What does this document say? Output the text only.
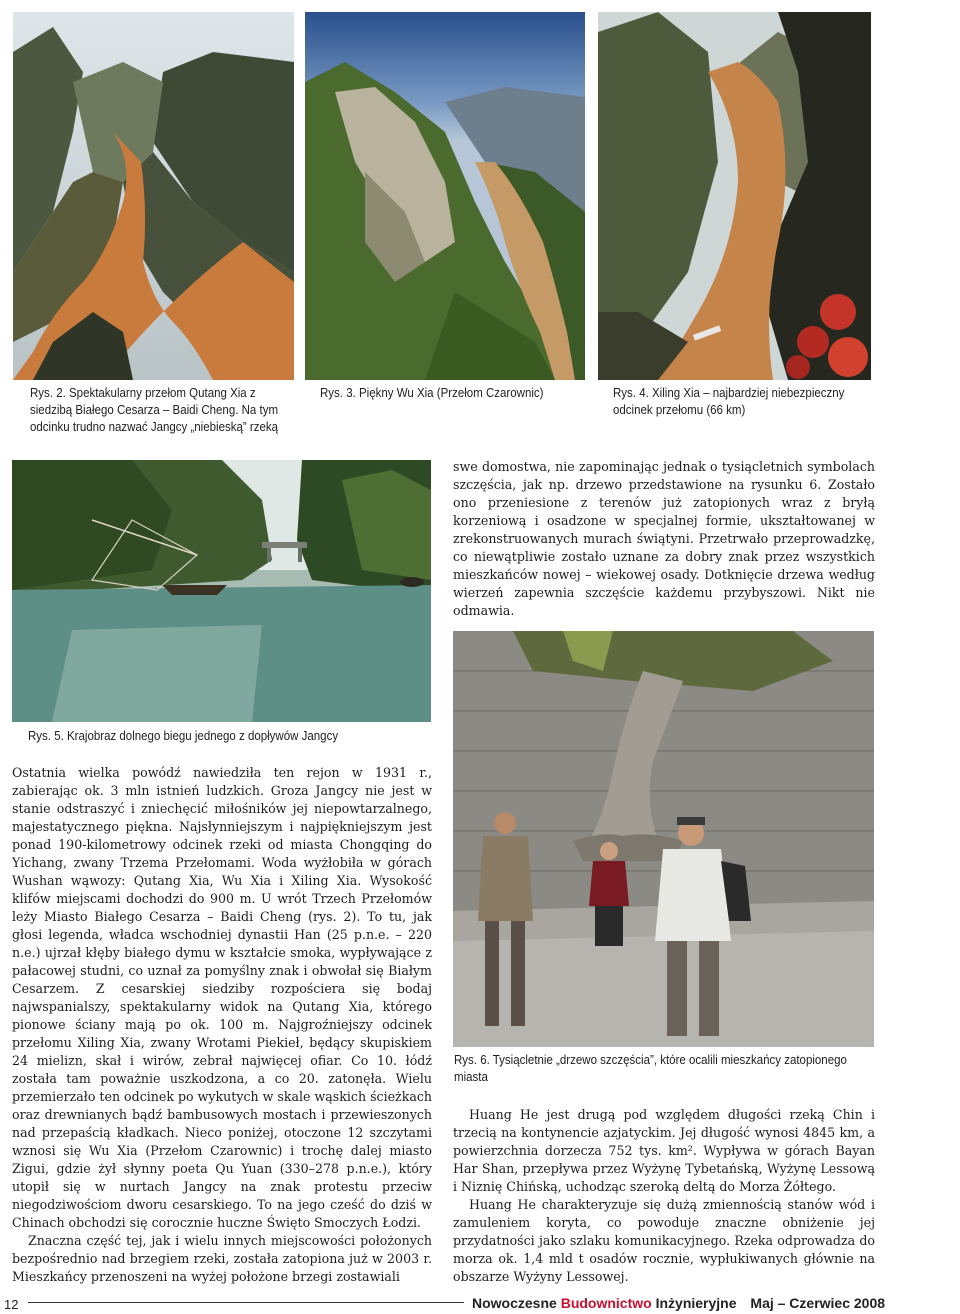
Rys. 2. Spektakularny przełom Qutang Xia z siedzibą Białego Cesarza – Baidi Cheng. Na tym odcinku trudno nazwać Jangcy „niebieską” rzeką
Rys. 3. Piękny Wu Xia (Przełom Czarownic)	Rys. 4. Xiling Xia – najbardziej niebezpieczny odcinek przełomu (66 km)
Rys. 5. Krajobraz dolnego biegu jednego z dopływów Jangcy

swe domostwa, nie zapominając jednak o tysiącletnich symbolach szczęścia, jak np. drzewo przedstawione na rysunku 6. Zostało ono przeniesione z terenów już zatopionych wraz z bryłą korzeniową i osadzone w specjalnej formie, ukształtowanej w zrekonstruowanych murach świątyni. Przetrwało przeprowadzkę, co niewątpliwie zostało uznane za dobry znak przez wszystkich mieszkańców nowej – wiekowej osady. Dotknięcie drzewa według wierzeń zapewnia szczęście każdemu przybyszowi. Nikt nie odmawia.

Rys. 6. Tysiącletnie „drzewo szczęścia”, które ocalili mieszkańcy zatopionego miasta

Ostatnia wielka powódź nawiedziła ten rejon w 1931 r., zabierając ok. 3 mln istnień ludzkich. Groza Jangcy nie jest w stanie odstraszyć i zniechęcić miłośników jej niepowtarzalnego, majestatycznego piękna. Najsłynniejszym i najpiękniejszym jest ponad 190-kilometrowy odcinek rzeki od miasta Chongqing do Yichang, zwany Trzema Przełomami. Woda wyżłobiła w górach Wushan wąwozy: Qutang Xia, Wu Xia i Xiling Xia. Wysokość klifów miejscami dochodzi do 900 m. U wrót Trzech Przełomów leży Miasto Białego Cesarza – Baidi Cheng (rys. 2). To tu, jak głosi legenda, władca wschodniej dynastii Han (25 p.n.e. – 220 n.e.) ujrzał kłęby białego dymu w kształcie smoka, wypływające z pałacowej studni, co uznał za pomyślny znak i obwołał się Białym Cesarzem. Z cesarskiej siedziby rozpościera się bodaj najwspanialszy, spektakularny widok na Qutang Xia, którego pionowe ściany mają po ok. 100 m. Najgroźniejszy odcinek przełomu Xiling Xia, zwany Wrotami Piekieł, będący skupiskiem 24 mielizn, skał i wirów, zebrał najwięcej ofiar. Co 10. łódź została tam poważnie uszkodzona, a co 20. zatonęła. Wielu przemierzało ten odcinek po wykutych w skale wąskich ścieżkach oraz drewnianych bądź bambusowych mostach i przewieszonych nad przepaścią kładkach. Nieco poniżej, otoczone 12 szczytami wznosi się Wu Xia (Przełom Czarownic) i trochę dalej miasto Zigui, gdzie żył słynny poeta Qu Yuan (330–278 p.n.e.), który utopił się w nurtach Jangcy na znak protestu przeciw niegodziwościom dworu cesarskiego. To na jego cześć do dziś w Chinach obchodzi się corocznie huczne Święto Smoczych Łodzi.

Znaczna część tej, jak i wielu innych miejscowości położonych bezpośrednio nad brzegiem rzeki, została zatopiona już w 2003 r. Mieszkańcy przenoszeni na wyżej położone brzegi zostawiali

Huang He jest drugą pod względem długości rzeką Chin i trzecią na kontynencie azjatyckim. Jej długość wynosi 4845 km, a powierzchnia dorzecza 752 tys. km². Wypływa w górach Bayan Har Shan, przepływa przez Wyżynę Tybetańską, Wyżynę Lessową i Niznię Chińską, uchodząc szeroką deltą do Morza Żółtego.

Huang He charakteryzuje się dużą zmiennością stanów wód i zamuleniem koryta, co powoduje znaczne obniżenie jej przydatności jako szlaku komunikacyjnego. Rzeka odprowadza do morza ok. 1,4 mld t osadów rocznie, wypłukiwanych głównie na obszarze Wyżyny Lessowej.

12	Nowoczesne Budownictwo Inżynieryjne Maj – Czerwiec 2008
